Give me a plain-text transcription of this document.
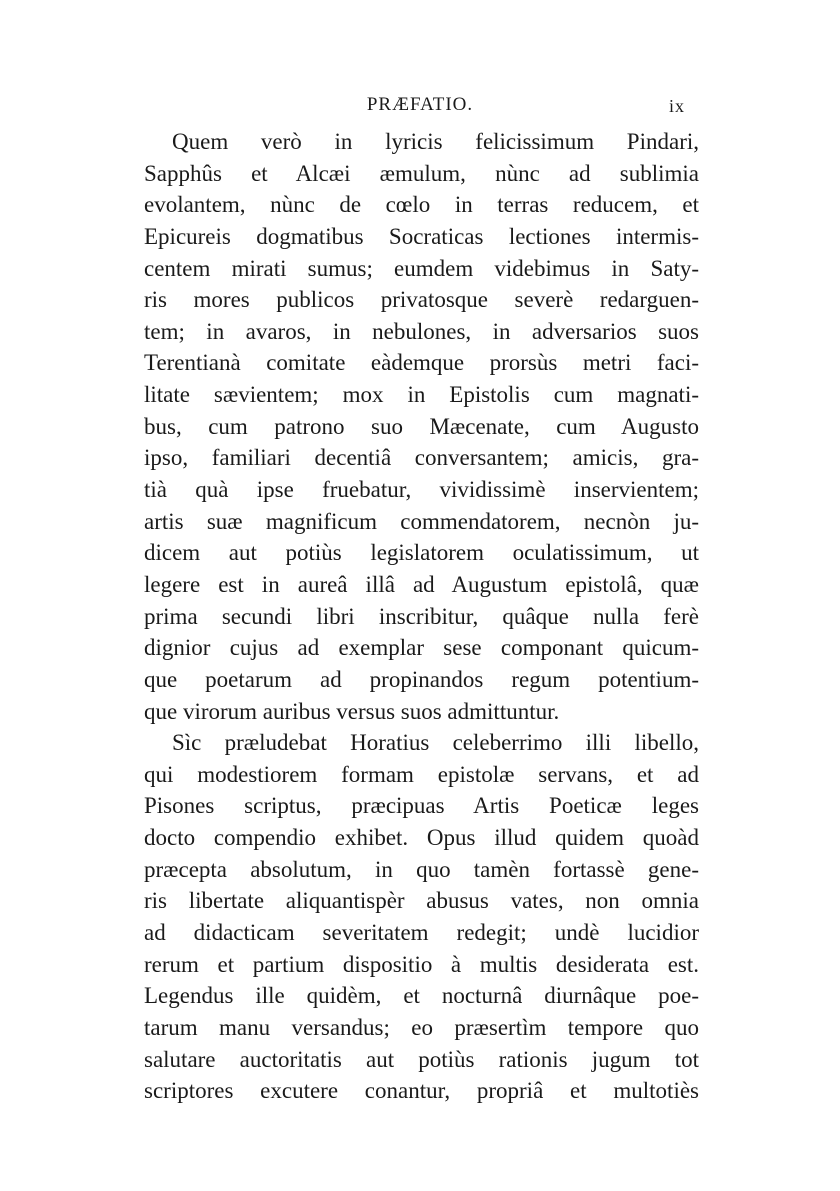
PRÆFATIO.	ix
Quem verò in lyricis felicissimum Pindari,
Sapphûs et Alcæi æmulum, nùnc ad sublimia
evolantem, nùnc de cœlo in terras reducem, et
Epicureis dogmatibus Socraticas lectiones intermis-
centem mirati sumus; eumdem videbimus in Saty-
ris mores publicos privatosque severè redarguen-
tem; in avaros, in nebulones, in adversarios suos
Terentianà comitate eàdemque prorsùs metri faci-
litate sævientem; mox in Epistolis cum magnati-
bus, cum patrono suo Mæcenate, cum Augusto
ipso, familiari decentiâ conversantem; amicis, gra-
tià quà ipse fruebatur, vividissimè inservientem;
artis suæ magnificum commendatorem, necnòn ju-
dicem aut potiùs legislatorem oculatissimum, ut
legere est in aureâ illâ ad Augustum epistolâ, quæ
prima secundi libri inscribitur, quâque nulla ferè
dignior cujus ad exemplar sese componant quicum-
que poetarum ad propinandos regum potentium-
que virorum auribus versus suos admittuntur.
Sìc præludebat Horatius celeberrimo illi libello,
qui modestiorem formam epistolæ servans, et ad
Pisones scriptus, præcipuas Artis Poeticæ leges
docto compendio exhibet. Opus illud quidem quoàd
præcepta absolutum, in quo tamèn fortassè gene-
ris libertate aliquantispèr abusus vates, non omnia
ad didacticam severitatem redegit; undè lucidior
rerum et partium dispositio à multis desiderata est.
Legendus ille quidèm, et nocturnâ diurnâque poe-
tarum manu versandus; eo præsertìm tempore quo
salutare auctoritatis aut potiùs rationis jugum tot
scriptores excutere conantur, propriâ et multotiès
